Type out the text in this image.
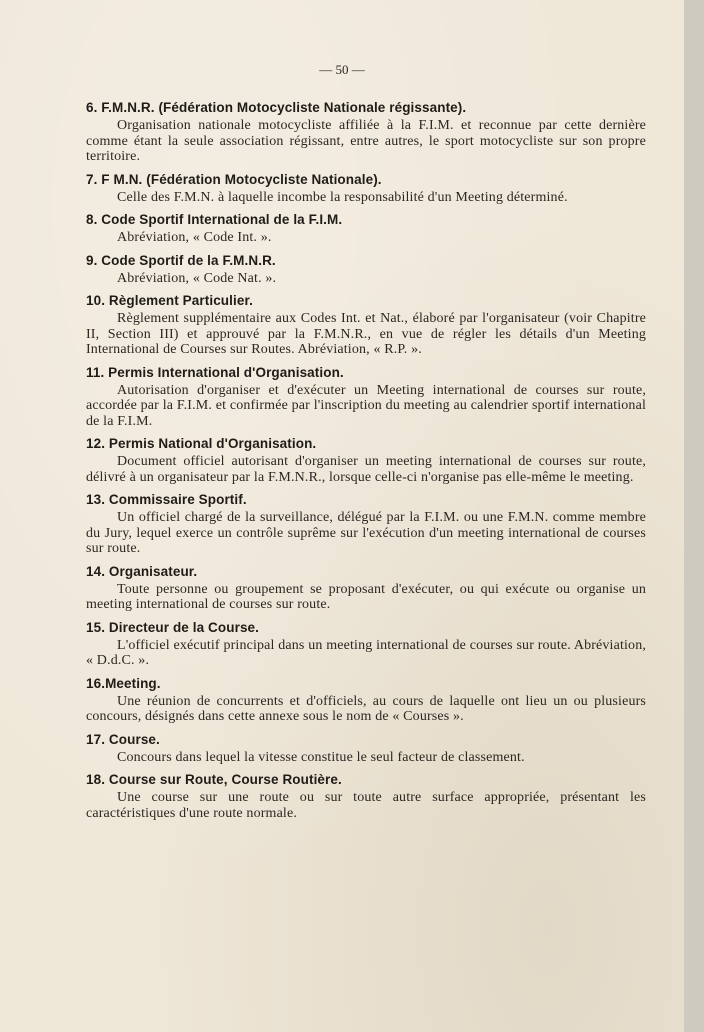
— 50 —
6. F.M.N.R. (Fédération Motocycliste Nationale régissante).
Organisation nationale motocycliste affiliée à la F.I.M. et reconnue par cette dernière comme étant la seule association régissant, entre autres, le sport motocycliste sur son propre territoire.
7. F M.N. (Fédération Motocycliste Nationale).
Celle des F.M.N. à laquelle incombe la responsabilité d'un Meeting déterminé.
8. Code Sportif International de la F.I.M.
Abréviation, « Code Int. ».
9. Code Sportif de la F.M.N.R.
Abréviation, « Code Nat. ».
10. Règlement Particulier.
Règlement supplémentaire aux Codes Int. et Nat., élaboré par l'organisateur (voir Chapitre II, Section III) et approuvé par la F.M.N.R., en vue de régler les détails d'un Meeting International de Courses sur Routes. Abréviation, « R.P. ».
11. Permis International d'Organisation.
Autorisation d'organiser et d'exécuter un Meeting international de courses sur route, accordée par la F.I.M. et confirmée par l'inscription du meeting au calendrier sportif international de la F.I.M.
12. Permis National d'Organisation.
Document officiel autorisant d'organiser un meeting international de courses sur route, délivré à un organisateur par la F.M.N.R., lorsque celle-ci n'organise pas elle-même le meeting.
13. Commissaire Sportif.
Un officiel chargé de la surveillance, délégué par la F.I.M. ou une F.M.N. comme membre du Jury, lequel exerce un contrôle suprême sur l'exécution d'un meeting international de courses sur route.
14. Organisateur.
Toute personne ou groupement se proposant d'exécuter, ou qui exécute ou organise un meeting international de courses sur route.
15. Directeur de la Course.
L'officiel exécutif principal dans un meeting international de courses sur route. Abréviation, « D.d.C. ».
16.Meeting.
Une réunion de concurrents et d'officiels, au cours de laquelle ont lieu un ou plusieurs concours, désignés dans cette annexe sous le nom de « Courses ».
17. Course.
Concours dans lequel la vitesse constitue le seul facteur de classement.
18. Course sur Route, Course Routière.
Une course sur une route ou sur toute autre surface appropriée, présentant les caractéristiques d'une route normale.
